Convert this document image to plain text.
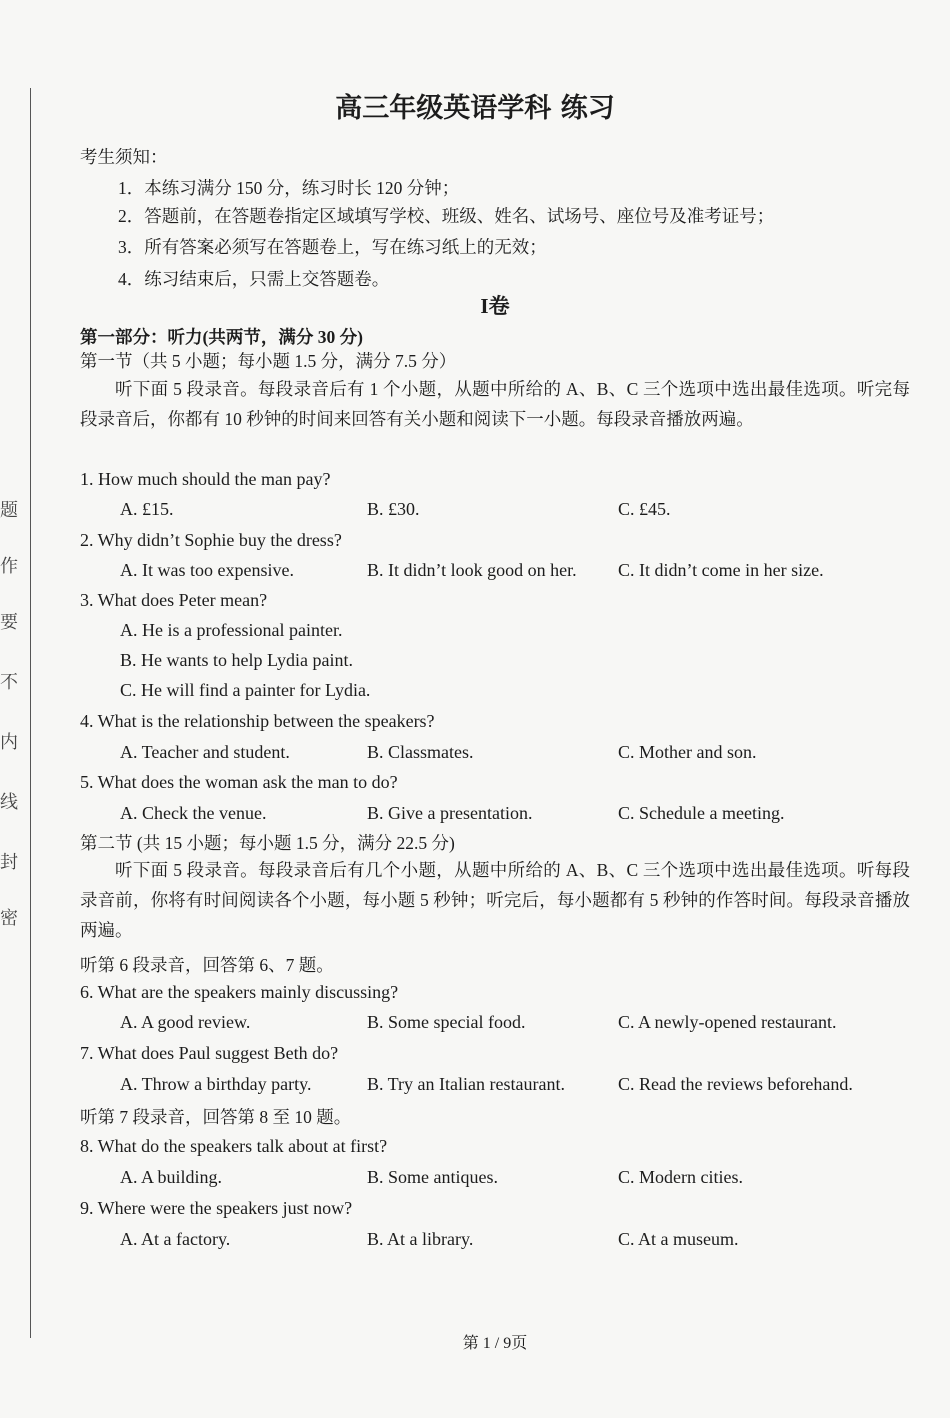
题
作
要
不
内
线
封
密
高三年级英语学科 练习
考生须知：
1．本练习满分 150 分，练习时长 120 分钟；
2．答题前，在答题卷指定区域填写学校、班级、姓名、试场号、座位号及准考证号；
3．所有答案必须写在答题卷上，写在练习纸上的无效；
4．练习结束后，只需上交答题卷。
I卷
第一部分：听力(共两节，满分 30 分)
第一节（共 5 小题；每小题 1.5 分，满分 7.5 分）
听下面 5 段录音。每段录音后有 1 个小题，从题中所给的 A、B、C 三个选项中选出最佳选项。听完每段录音后，你都有 10 秒钟的时间来回答有关小题和阅读下一小题。每段录音播放两遍。
1. How much should the man pay?
A. £15.	B. £30.	C. £45.
2. Why didn’t Sophie buy the dress?
A. It was too expensive.	B. It didn’t look good on her. C. It didn’t come in her size.
3. What does Peter mean?
A. He is a professional painter.
B. He wants to help Lydia paint.
C. He will find a painter for Lydia.
4. What is the relationship between the speakers?
A. Teacher and student.	B. Classmates.	C. Mother and son.
5. What does the woman ask the man to do?
A. Check the venue.	B. Give a presentation.	C. Schedule a meeting.
第二节 (共 15 小题；每小题 1.5 分，满分 22.5 分)
听下面 5 段录音。每段录音后有几个小题，从题中所给的 A、B、C 三个选项中选出最佳选项。听每段录音前，你将有时间阅读各个小题，每小题 5 秒钟；听完后，每小题都有 5 秒钟的作答时间。每段录音播放两遍。
听第 6 段录音，回答第 6、7 题。
6. What are the speakers mainly discussing?
A. A good review.	B. Some special food.	C. A newly-opened restaurant.
7. What does Paul suggest Beth do?
A. Throw a birthday party.	B. Try an Italian restaurant.	C. Read the reviews beforehand.
听第 7 段录音，回答第 8 至 10 题。
8. What do the speakers talk about at first?
A. A building.	B. Some antiques.	C. Modern cities.
9. Where were the speakers just now?
A. At a factory.	B. At a library.	C. At a museum.
第 1 / 9页
